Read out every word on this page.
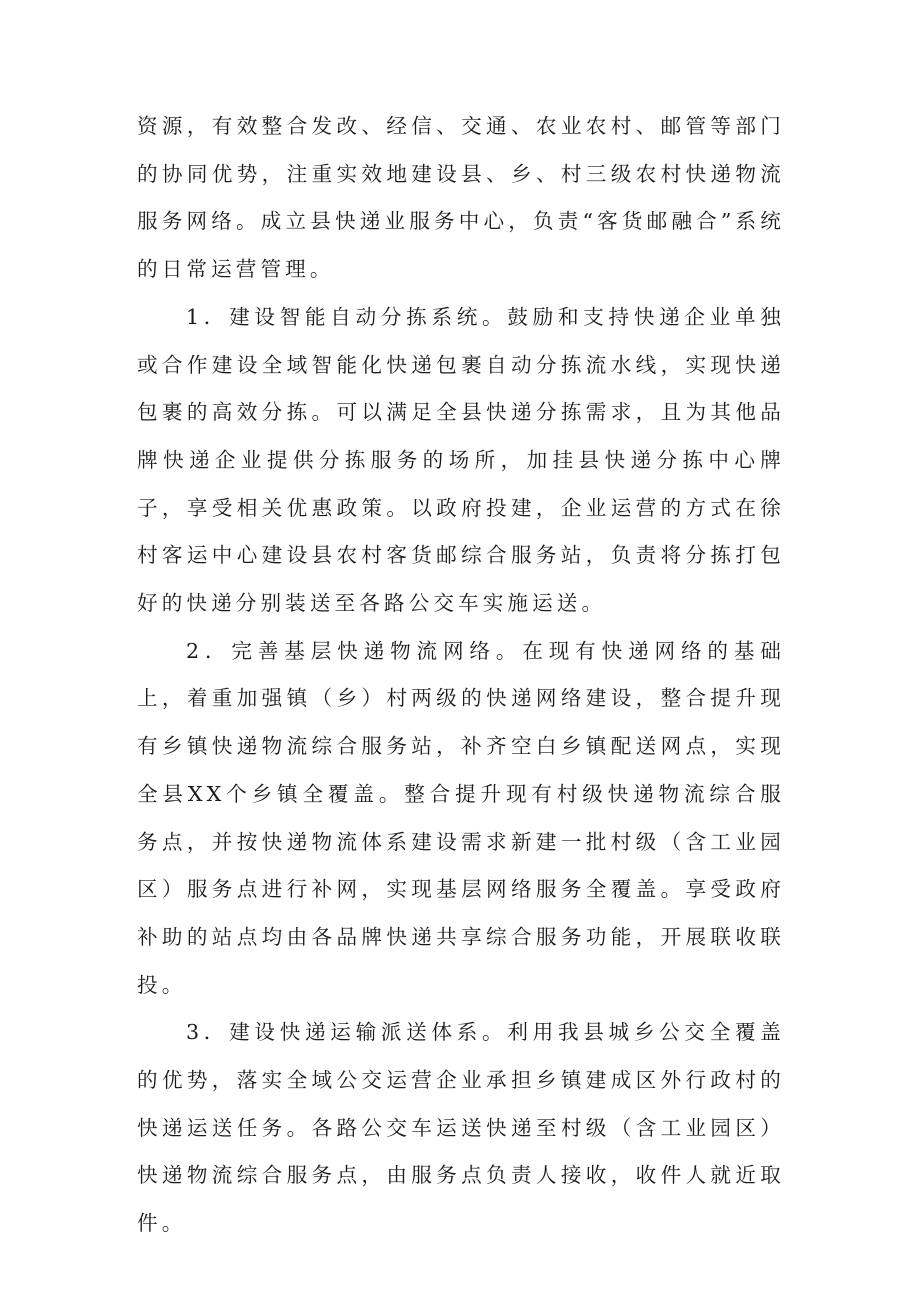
资源，有效整合发改、经信、交通、农业农村、邮管等部门的协同优势，注重实效地建设县、乡、村三级农村快递物流服务网络。成立县快递业服务中心，负责“客货邮融合”系统的日常运营管理。

1．建设智能自动分拣系统。鼓励和支持快递企业单独或合作建设全域智能化快递包裹自动分拣流水线，实现快递包裹的高效分拣。可以满足全县快递分拣需求，且为其他品牌快递企业提供分拣服务的场所，加挂县快递分拣中心牌子，享受相关优惠政策。以政府投建，企业运营的方式在徐村客运中心建设县农村客货邮综合服务站，负责将分拣打包好的快递分别装送至各路公交车实施运送。

2．完善基层快递物流网络。在现有快递网络的基础上，着重加强镇（乡）村两级的快递网络建设，整合提升现有乡镇快递物流综合服务站，补齐空白乡镇配送网点，实现全县XX个乡镇全覆盖。整合提升现有村级快递物流综合服务点，并按快递物流体系建设需求新建一批村级（含工业园区）服务点进行补网，实现基层网络服务全覆盖。享受政府补助的站点均由各品牌快递共享综合服务功能，开展联收联投。

3．建设快递运输派送体系。利用我县城乡公交全覆盖的优势，落实全域公交运营企业承担乡镇建成区外行政村的快递运送任务。各路公交车运送快递至村级（含工业园区）快递物流综合服务点，由服务点负责人接收，收件人就近取件。
